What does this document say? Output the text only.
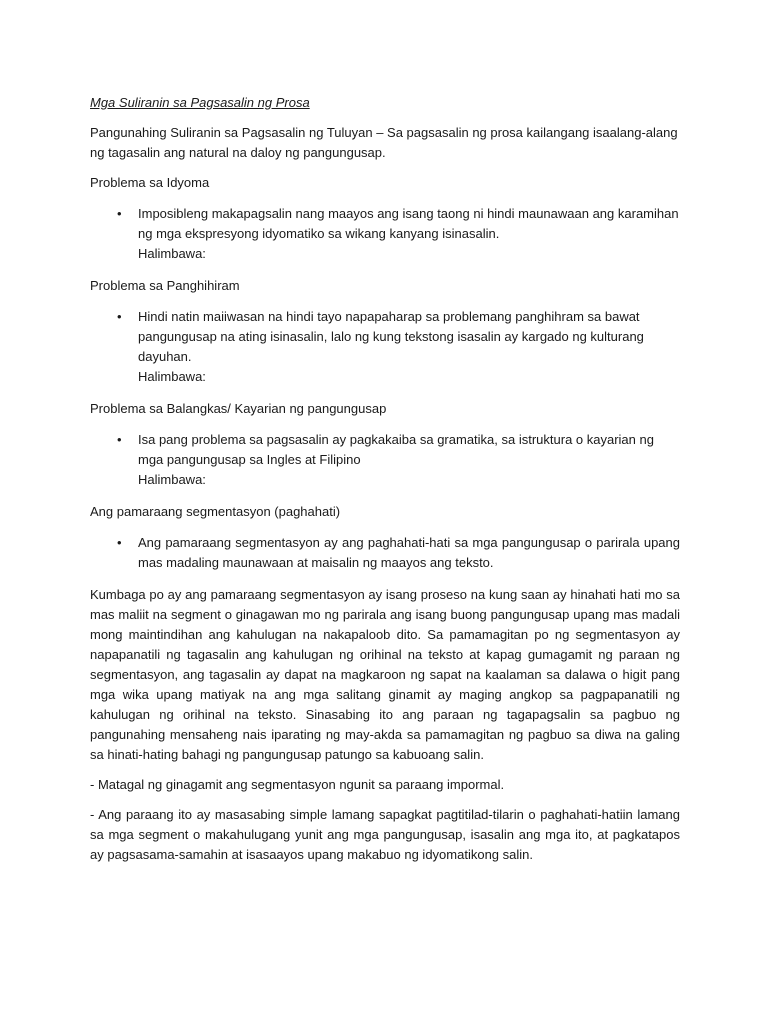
Mga Suliranin sa Pagsasalin ng Prosa

Pangunahing Suliranin sa Pagsasalin ng Tuluyan – Sa pagsasalin ng prosa kailangang isaalang-alang ng tagasalin ang natural na daloy ng pangungusap.

Problema sa Idyoma

• Imposibleng makapagsalin nang maayos ang isang taong ni hindi maunawaan ang karamihan ng mga ekspresyong idyomatiko sa wikang kanyang isinasalin.
Halimbawa:

Problema sa Panghihiram

• Hindi natin maiiwasan na hindi tayo napapaharap sa problemang panghihram sa bawat pangungusap na ating isinasalin, lalo ng kung tekstong isasalin ay kargado ng kulturang dayuhan.
Halimbawa:

Problema sa Balangkas/ Kayarian ng pangungusap

• Isa pang problema sa pagsasalin ay pagkakaiba sa gramatika, sa istruktura o kayarian ng mga pangungusap sa Ingles at Filipino
Halimbawa:

Ang pamaraang segmentasyon (paghahati)

• Ang pamaraang segmentasyon ay ang paghahati-hati sa mga pangungusap o parirala upang mas madaling maunawaan at maisalin ng maayos ang teksto.

Kumbaga po ay ang pamaraang segmentasyon ay isang proseso na kung saan ay hinahati hati mo sa mas maliit na segment o ginagawan mo ng parirala ang isang buong pangungusap upang mas madali mong maintindihan ang kahulugan na nakapaloob dito. Sa pamamagitan po ng segmentasyon ay napapanatili ng tagasalin ang kahulugan ng orihinal na teksto at kapag gumagamit ng paraan ng segmentasyon, ang tagasalin ay dapat na magkaroon ng sapat na kaalaman sa dalawa o higit pang mga wika upang matiyak na ang mga salitang ginamit ay maging angkop sa pagpapanatili ng kahulugan ng orihinal na teksto. Sinasabing ito ang paraan ng tagapagsalin sa pagbuo ng pangunahing mensaheng nais iparating ng may-akda sa pamamagitan ng pagbuo sa diwa na galing sa hinati-hating bahagi ng pangungusap patungo sa kabuoang salin.

- Matagal ng ginagamit ang segmentasyon ngunit sa paraang impormal.

- Ang paraang ito ay masasabing simple lamang sapagkat pagtitilad-tilarin o paghahati-hatiin lamang sa mga segment o makahulugang yunit ang mga pangungusap, isasalin ang mga ito, at pagkatapos ay pagsasama-samahin at isasaayos upang makabuo ng idyomatikong salin.
